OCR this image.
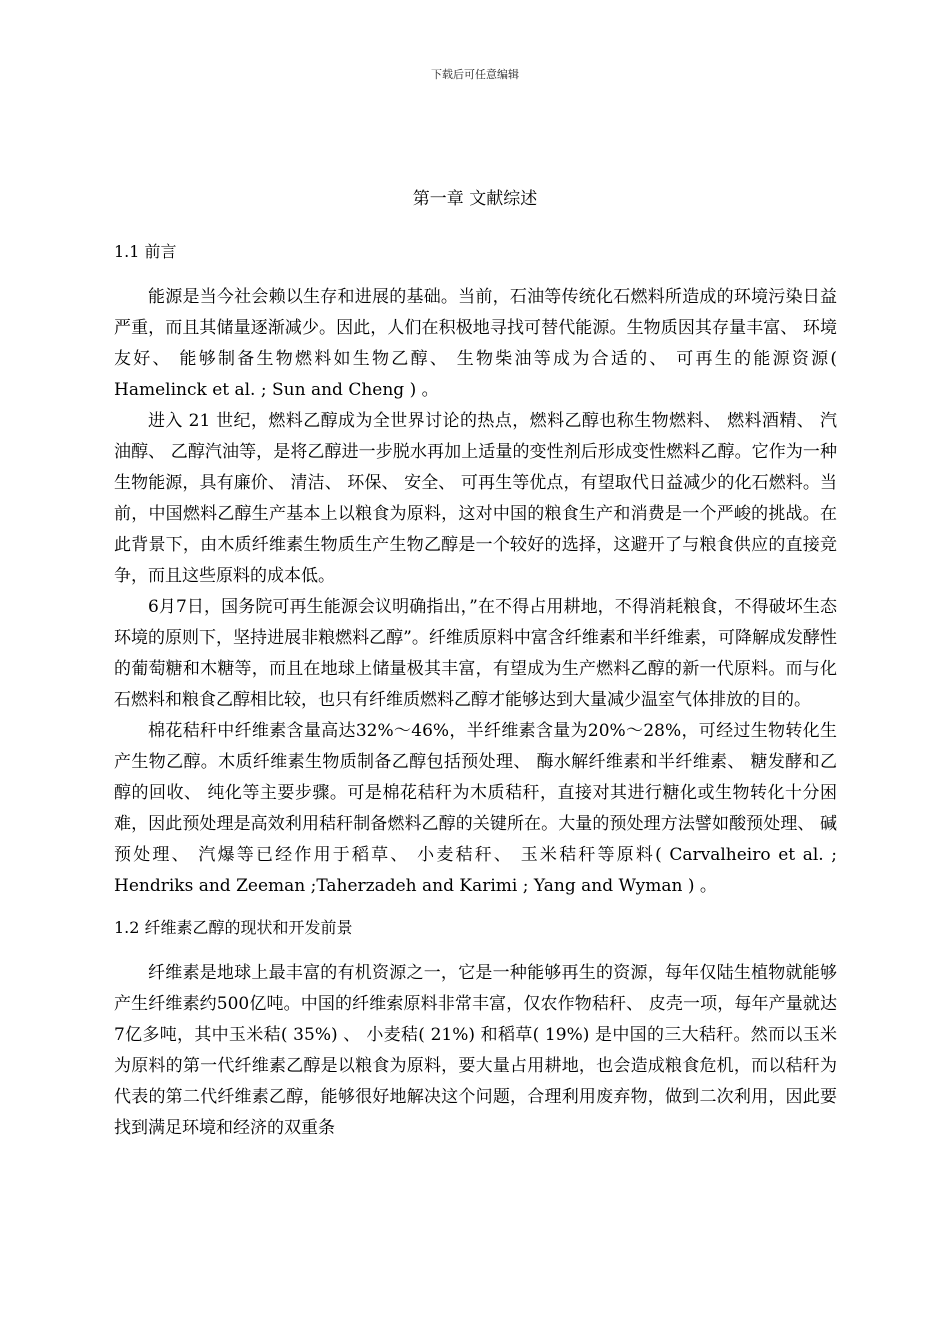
下载后可任意编辑
第一章 文献综述
1.1 前言

能源是当今社会赖以生存和进展的基础。当前，石油等传统化石燃料所造成的环境污染日益严重，而且其储量逐渐减少。因此，人们在积极地寻找可替代能源。生物质因其存量丰富、 环境友好、 能够制备生物燃料如生物乙醇、 生物柴油等成为合适的、 可再生的能源资源( Hamelinck et al. ; Sun and Cheng ) 。

进入 21 世纪，燃料乙醇成为全世界讨论的热点，燃料乙醇也称生物燃料、 燃料酒精、 汽油醇、 乙醇汽油等，是将乙醇进一步脱水再加上适量的变性剂后形成变性燃料乙醇。它作为一种生物能源，具有廉价、 清洁、 环保、 安全、 可再生等优点，有望取代日益减少的化石燃料。当前，中国燃料乙醇生产基本上以粮食为原料，这对中国的粮食生产和消费是一个严峻的挑战。在此背景下，由木质纤维素生物质生产生物乙醇是一个较好的选择，这避开了与粮食供应的直接竞争，而且这些原料的成本低。

6月7日，国务院可再生能源会议明确指出，”在不得占用耕地，不得消耗粮食，不得破坏生态环境的原则下，坚持进展非粮燃料乙醇”。纤维质原料中富含纤维素和半纤维素，可降解成发酵性的葡萄糖和木糖等，而且在地球上储量极其丰富，有望成为生产燃料乙醇的新一代原料。而与化石燃料和粮食乙醇相比较，也只有纤维质燃料乙醇才能够达到大量减少温室气体排放的目的。

棉花秸秆中纤维素含量高达32%～46%，半纤维素含量为20%～28%，可经过生物转化生产生物乙醇。木质纤维素生物质制备乙醇包括预处理、 酶水解纤维素和半纤维素、 糖发酵和乙醇的回收、 纯化等主要步骤。可是棉花秸秆为木质秸秆，直接对其进行糖化或生物转化十分困难，因此预处理是高效利用秸秆制备燃料乙醇的关键所在。大量的预处理方法譬如酸预处理、 碱预处理、 汽爆等已经作用于稻草、 小麦秸秆、 玉米秸秆等原料( Carvalheiro et al. ; Hendriks and Zeeman ;Taherzadeh and Karimi ; Yang and Wyman ) 。

1.2 纤维素乙醇的现状和开发前景

纤维素是地球上最丰富的有机资源之一，它是一种能够再生的资源，每年仅陆生植物就能够产生纤维素约500亿吨。中国的纤维索原料非常丰富，仅农作物秸秆、 皮壳一项，每年产量就达7亿多吨，其中玉米秸( 35%) 、 小麦秸( 21%) 和稻草( 19%) 是中国的三大秸秆。然而以玉米为原料的第一代纤维素乙醇是以粮食为原料，要大量占用耕地，也会造成粮食危机，而以秸秆为代表的第二代纤维素乙醇，能够很好地解决这个问题，合理利用废弃物，做到二次利用，因此要找到满足环境和经济的双重条
